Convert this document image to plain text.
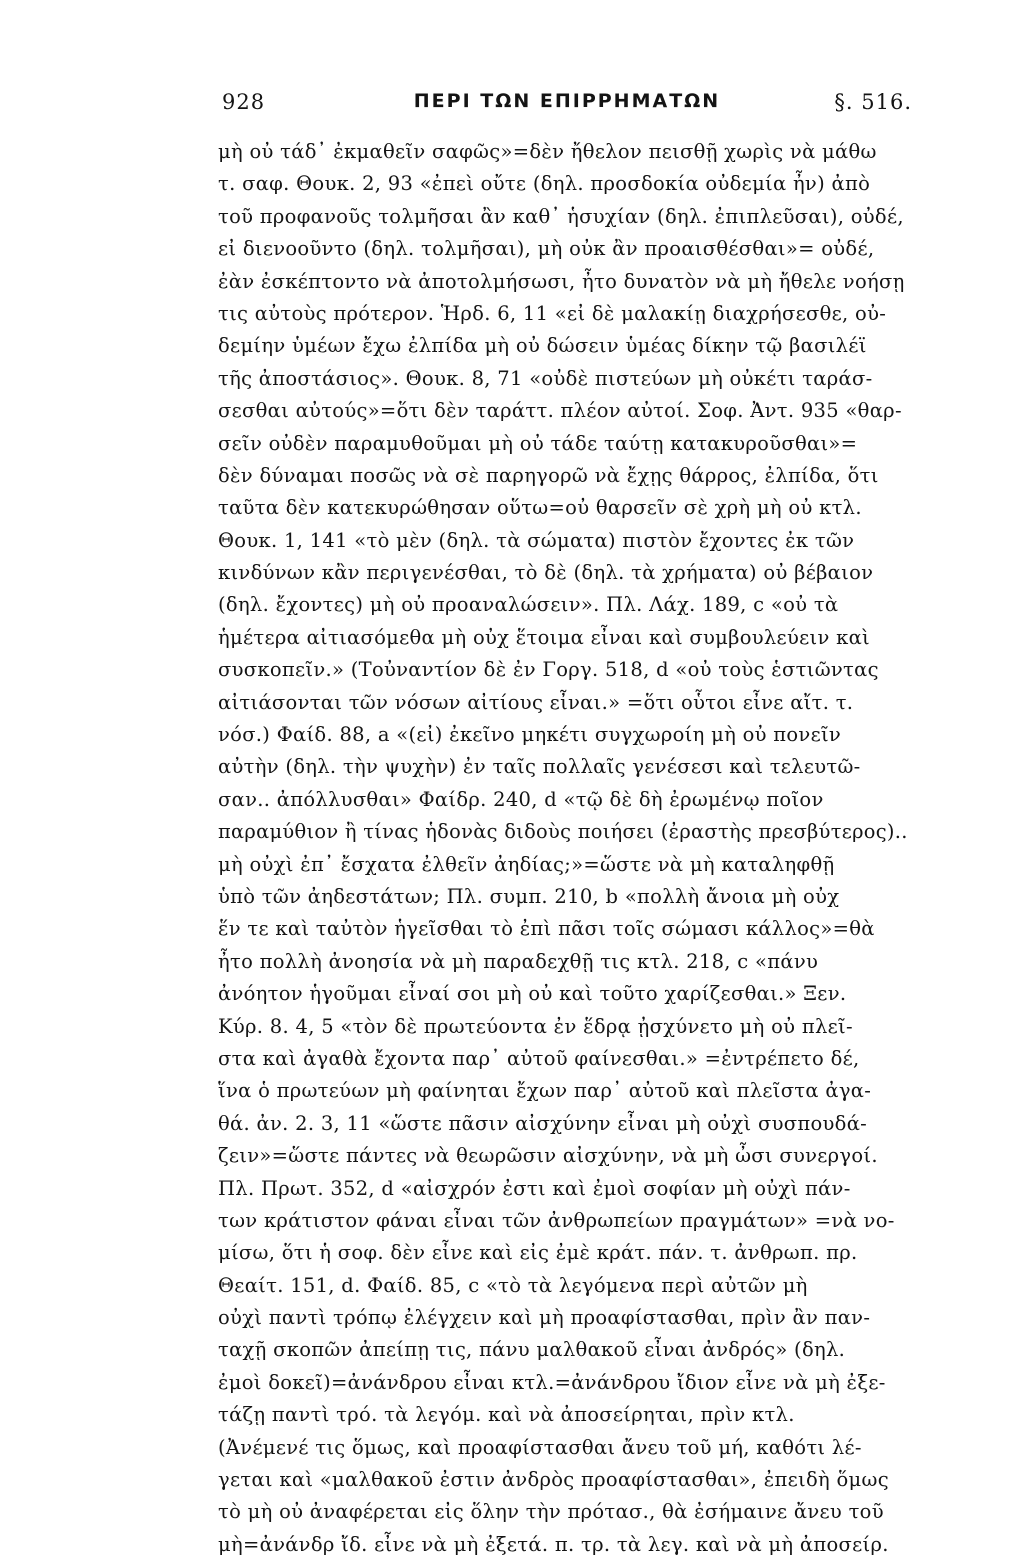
928	ΠΕΡΙ ΤΩΝ ΕΠΙΡΡΗΜΑΤΩΝ	§. 516.
μὴ οὐ τάδ᾽ ἐκμαθεῖν σαφῶς»=δὲν ἤθελον πεισθῇ χωρὶς νὰ μάθω
τ. σαφ. Θουκ. 2, 93 «ἐπεὶ οὔτε (δηλ. προσδοκία οὐδεμία ἦν) ἀπὸ
τοῦ προφανοῦς τολμῆσαι ἂν καθ᾽ ἡσυχίαν (δηλ. ἐπιπλεῦσαι), οὐδέ,
εἰ διενοοῦντο (δηλ. τολμῆσαι), μὴ οὐκ ἂν προαισθέσθαι»= οὐδέ,
ἐὰν ἐσκέπτοντο νὰ ἀποτολμήσωσι, ἦτο δυνατὸν νὰ μὴ ἤθελε νοήσῃ
τις αὐτοὺς πρότερον. Ἡρδ. 6, 11 «εἰ δὲ μαλακίῃ διαχρήσεσθε, οὐ-
δεμίην ὑμέων ἔχω ἐλπίδα μὴ οὐ δώσειν ὑμέας δίκην τῷ βασιλέϊ
τῆς ἀποστάσιος». Θουκ. 8, 71 «οὐδὲ πιστεύων μὴ οὐκέτι ταράσ-
σεσθαι αὐτούς»=ὅτι δὲν ταράττ. πλέον αὐτοί. Σοφ. Ἀντ. 935 «θαρ-
σεῖν οὐδὲν παραμυθοῦμαι μὴ οὐ τάδε ταύτῃ κατακυροῦσθαι»=
δὲν δύναμαι ποσῶς νὰ σὲ παρηγορῶ νὰ ἔχῃς θάρρος, ἐλπίδα, ὅτι
ταῦτα δὲν κατεκυρώθησαν οὕτω=οὐ θαρσεῖν σὲ χρὴ μὴ οὐ κτλ.
Θουκ. 1, 141 «τὸ μὲν (δηλ. τὰ σώματα) πιστὸν ἔχοντες ἐκ τῶν
κινδύνων κἂν περιγενέσθαι, τὸ δὲ (δηλ. τὰ χρήματα) οὐ βέβαιον
(δηλ. ἔχοντες) μὴ οὐ προαναλώσειν». Πλ. Λάχ. 189, c «οὐ τὰ
ἡμέτερα αἰτιασόμεθα μὴ οὐχ ἕτοιμα εἶναι καὶ συμβουλεύειν καὶ
συσκοπεῖν.» (Τοὐναντίον δὲ ἐν Γοργ. 518, d «οὐ τοὺς ἑστιῶντας
αἰτιάσονται τῶν νόσων αἰτίους εἶναι.» =ὅτι οὗτοι εἶνε αἴτ. τ.
νόσ.) Φαίδ. 88, a «(εἰ) ἐκεῖνο μηκέτι συγχωροίη μὴ οὐ πονεῖν
αὐτὴν (δηλ. τὴν ψυχὴν) ἐν ταῖς πολλαῖς γενέσεσι καὶ τελευτῶ-
σαν.. ἀπόλλυσθαι» Φαίδρ. 240, d «τῷ δὲ δὴ ἐρωμένῳ ποῖον
παραμύθιον ἢ τίνας ἡδονὰς διδοὺς ποιήσει (ἐραστὴς πρεσβύτερος)..
μὴ οὐχὶ ἐπ᾽ ἔσχατα ἐλθεῖν ἀηδίας;»=ὥστε νὰ μὴ καταληφθῇ
ὑπὸ τῶν ἀηδεστάτων; Πλ. συμπ. 210, b «πολλὴ ἄνοια μὴ οὐχ
ἕν τε καὶ ταὐτὸν ἡγεῖσθαι τὸ ἐπὶ πᾶσι τοῖς σώμασι κάλλος»=θὰ
ἦτο πολλὴ ἀνοησία νὰ μὴ παραδεχθῇ τις κτλ. 218, c «πάνυ
ἀνόητον ἡγοῦμαι εἶναί σοι μὴ οὐ καὶ τοῦτο χαρίζεσθαι.» Ξεν.
Κύρ. 8. 4, 5 «τὸν δὲ πρωτεύοντα ἐν ἕδρᾳ ᾐσχύνετο μὴ οὐ πλεῖ-
στα καὶ ἀγαθὰ ἔχοντα παρ᾽ αὐτοῦ φαίνεσθαι.» =ἐντρέπετο δέ,
ἵνα ὁ πρωτεύων μὴ φαίνηται ἔχων παρ᾽ αὐτοῦ καὶ πλεῖστα ἀγα-
θά. ἀν. 2. 3, 11 «ὥστε πᾶσιν αἰσχύνην εἶναι μὴ οὐχὶ συσπουδά-
ζειν»=ὥστε πάντες νὰ θεωρῶσιν αἰσχύνην, νὰ μὴ ὦσι συνεργοί.
Πλ. Πρωτ. 352, d «αἰσχρόν ἐστι καὶ ἐμοὶ σοφίαν μὴ οὐχὶ πάν-
των κράτιστον φάναι εἶναι τῶν ἀνθρωπείων πραγμάτων» =νὰ νο-
μίσω, ὅτι ἡ σοφ. δὲν εἶνε καὶ εἰς ἐμὲ κράτ. πάν. τ. ἀνθρωπ. πρ.
Θεαίτ. 151, d. Φαίδ. 85, c «τὸ τὰ λεγόμενα περὶ αὐτῶν μὴ
οὐχὶ παντὶ τρόπῳ ἐλέγχειν καὶ μὴ προαφίστασθαι, πρὶν ἂν παν-
ταχῇ σκοπῶν ἀπείπῃ τις, πάνυ μαλθακοῦ εἶναι ἀνδρός» (δηλ.
ἐμοὶ δοκεῖ)=ἀνάνδρου εἶναι κτλ.=ἀνάνδρου ἴδιον εἶνε νὰ μὴ ἐξε-
τάζῃ παντὶ τρό. τὰ λεγόμ. καὶ νὰ ἀποσείρηται, πρὶν κτλ.
(Ἀνέμενέ τις ὅμως, καὶ προαφίστασθαι ἄνευ τοῦ μή, καθότι λέ-
γεται καὶ «μαλθακοῦ ἐστιν ἀνδρὸς προαφίστασθαι», ἐπειδὴ ὅμως
τὸ μὴ οὐ ἀναφέρεται εἰς ὅλην τὴν πρότασ., θὰ ἐσήμαινε ἄνευ τοῦ
μὴ=ἀνάνδρ ἴδ. εἶνε νὰ μὴ ἐξετά. π. τρ. τὰ λεγ. καὶ νὰ μὴ ἀποσείρ.
